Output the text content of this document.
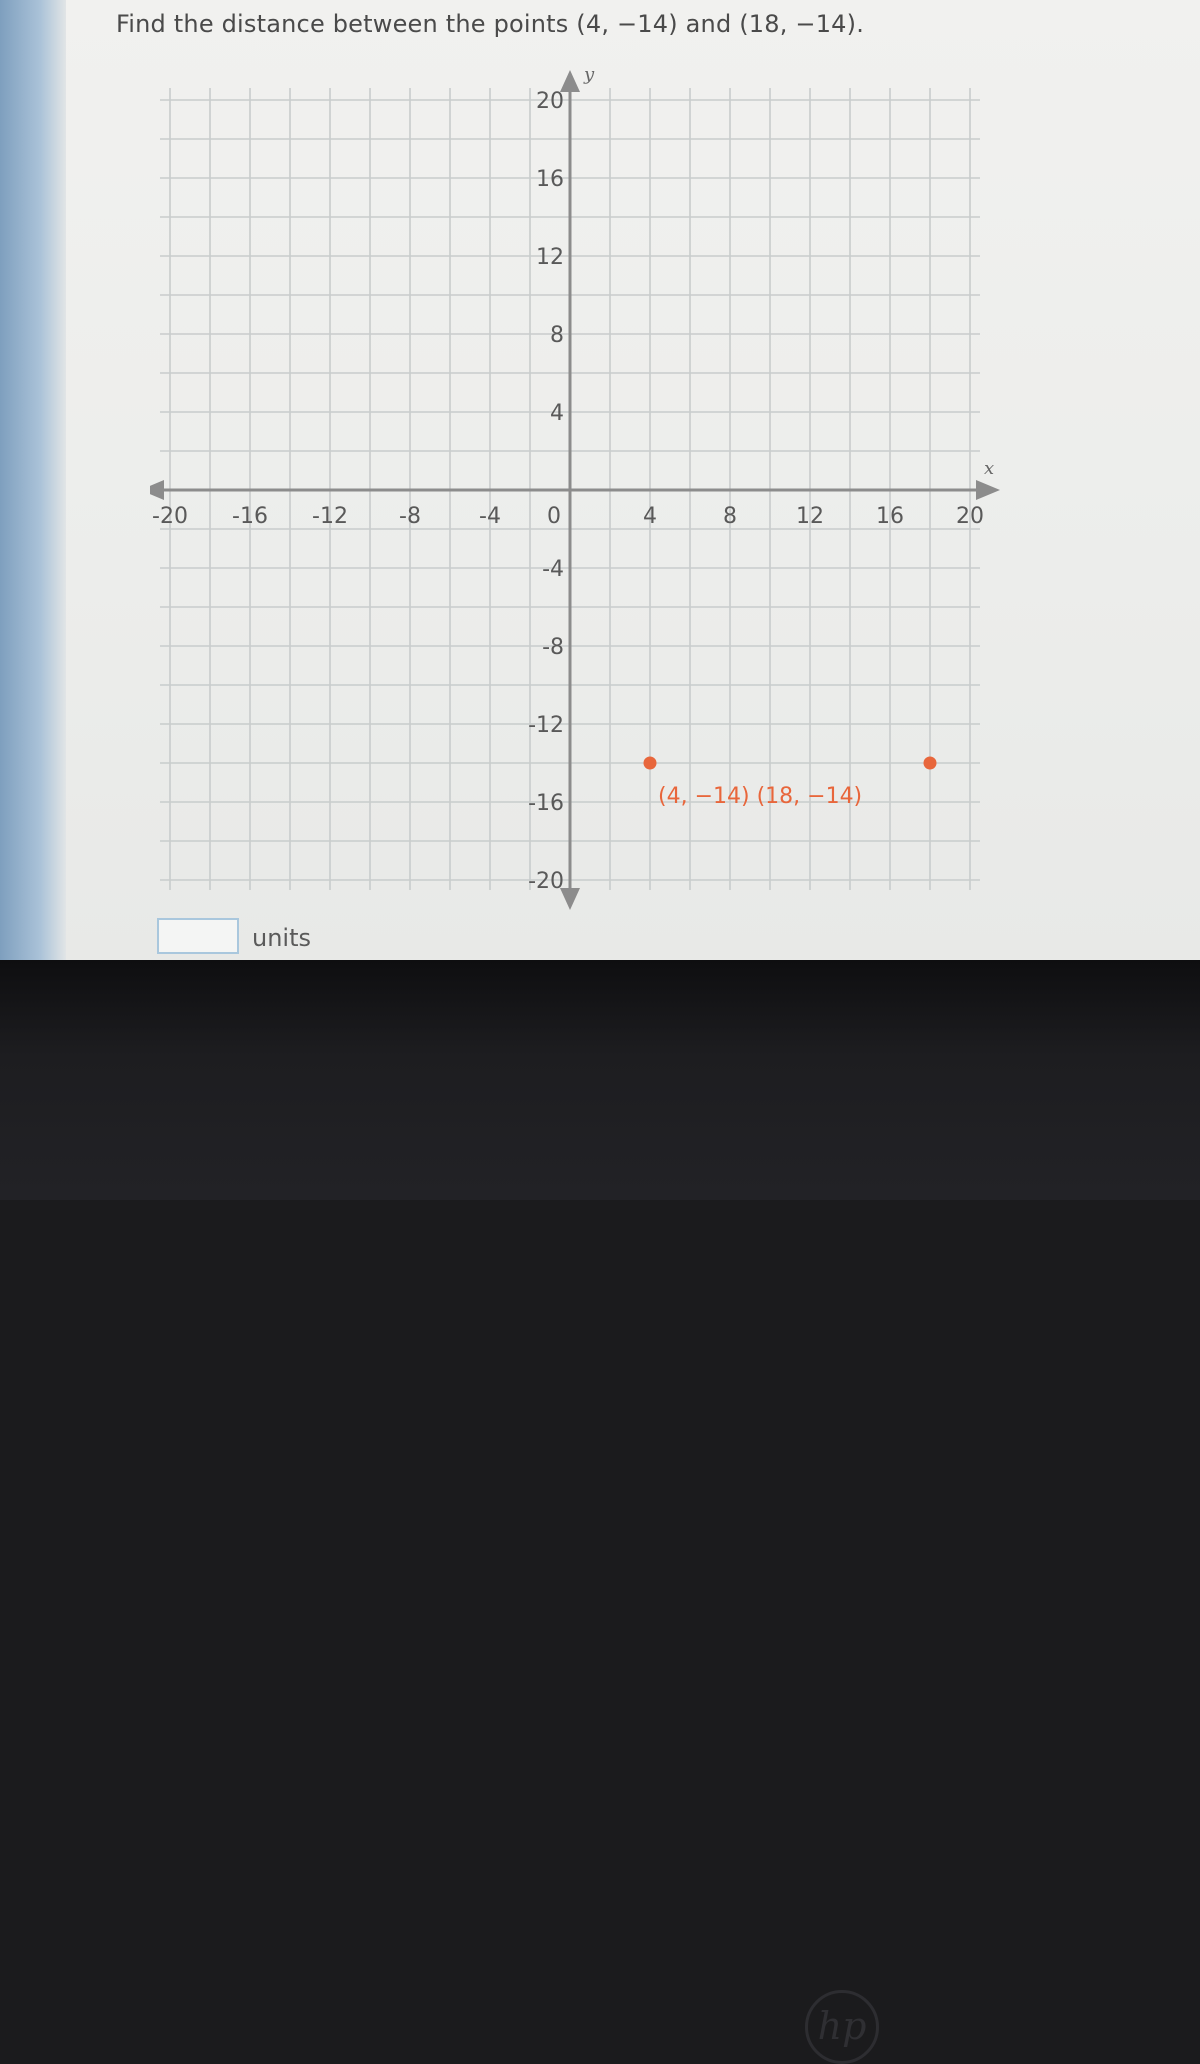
Find the distance between the points (4, −14) and (18, −14).
x
y
-20 -16 -12 -8	-4 0	4	8	12 16 20
20
16
12
8
4
-4
-8
-12
-16
-20
(4, −14) (18, −14)
units
hp
